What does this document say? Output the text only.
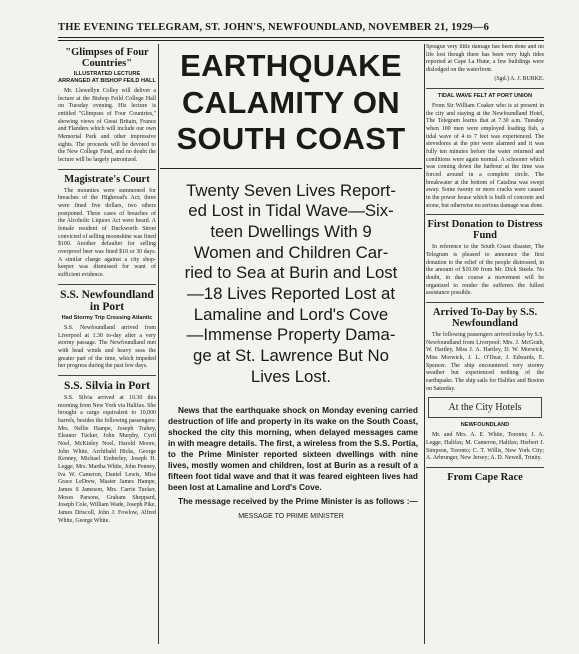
THE EVENING TELEGRAM, ST. JOHN'S, NEWFOUNDLAND, NOVEMBER 21, 1929—6
"Glimpses of Four Countries"
ILLUSTRATED LECTURE ARRANGED AT BISHOP FEILD HALL

Mr. Llewellyn Colley will deliver a lecture at the Bishop Feild College Hall on Tuesday evening. His lecture is entitled "Glimpses of Four Countries," showing views of Great Britain, France and Flanders which will include our own Memorial Park and other impressive sights. The proceeds will be devoted to the New College Fund, and no doubt the lecture will be largely patronized.

Magistrate's Court

The mounties were summoned for breaches of the Highroad's Act; three were fined five dollars, two others postponed. Three cases of breaches of the Alcoholic Liquors Act were heard. A female resident of Duckworth Street convicted of selling moonshine was fined $100. Another defaulter for selling overproof beer was fined $10 or 30 days. A similar charge against a city shop-keeper was dismissed for want of sufficient evidence.

S.S. Newfoundland in Port
Had Stormy Trip Crossing Atlantic

S.S. Newfoundland arrived from Liverpool at 1.30 to-day after a very stormy passage. The Newfoundland met with head winds and heavy seas the greater part of the time, which impeded her progress during the past few days.

S.S. Silvia in Port

S.S. Silvia arrived at 10.30 this morning from New York via Halifax. She brought a cargo equivalent to 10,000 barrels, besides the following passengers: Mrs. Nellie Hampe, Joseph Trahey, Eleanor Tucker, John Murphy, Cyril Noel, McKinley Noel, Harold Moore, John White, Archibald Hicks, George Kenney, Michael Emberley, Joseph H. Legge, Mrs. Martha White, John Penney, Iva W. Cameron, Daniel Lewis, Miss Grace LeDrew, Master James Hampe, James S Jameson, Mrs. Carrie Tucker, Moses Parsons, Graham Sheppard, Joseph Cole, William Wade, Joseph Pike, James Driscoll, John J. Fowlow, Alfred White, George White.

EARTHQUAKE
CALAMITY ON
SOUTH COAST
Twenty Seven Lives Report-
ed Lost in Tidal Wave—Six-
teen Dwellings With 9
Women and Children Car-
ried to Sea at Burin and Lost
—18 Lives Reported Lost at
Lamaline and Lord's Cove
—Immense Property Dama-
ge at St. Lawrence But No
Lives Lost.

News that the earthquake shock on Monday evening carried destruction of life and property in its wake on the South Coast, shocked the city this morning, when delayed messages came in with meagre details. The first, a wireless from the S.S. Portia, to the Prime Minister reported sixteen dwellings with nine lives, mostly women and children, lost at Burin as a result of a fifteen foot tidal wave and that it was feared eighteen lives had been lost at Lamaline and Lord's Cove.

The message received by the Prime Minister is as follows :—

MESSAGE TO PRIME MINISTER

Sprague very little damage has been done and no life lost though there has been very high tides reported at Cape La Hune, a few buildings were dislodged on the waterfront.

(Sgd.) A. J. BURKE.

TIDAL WAVE FELT AT PORT UNION

From Sir William Coaker who is at present in the city and staying at the Newfoundland Hotel, The Telegram learns that at 7.30 a.m. Tuesday when 100 men were employed loading fish, a tidal wave of 4 to 7 feet was experienced. The stevedores at the pier were alarmed and it was fully ten minutes before the water returned and conditions were again normal. A schooner which was coming down the harbour at the time was forced around in a complete circle. The breakwater at the bottom of Catalina was swept away. Some twenty or more cracks were caused in the power house which is built of concrete and stone, but otherwise no serious damage was done.

First Donation to Distress Fund

In reference to the South Coast disaster, The Telegram is pleased to announce the first donation to the relief of the people distressed, in the amount of $10.00 from Mr. Dick Steele. No doubt, in due course a movement will be organized to render the sufferers the fullest assistance possible.

Arrived To-Day by S.S. Newfoundland

The following passengers arrived today by S.S. Newfoundland from Liverpool: Mrs. J. McGrath, W. Hartley, Miss J. A. Hartley, D. W. Morwick, Miss Morwick, J. L. O'Dear, J. Edwards, E. Spencer. The ship encountered very stormy weather but experienced nothing of the earthquake. The ship sails for Halifax and Boston on Saturday.

At the City Hotels
NEWFOUNDLAND

Mr. and Mrs. A. E. White, Toronto; J. A. Legge, Halifax; M. Cameron, Halifax; Herbert J. Simpson, Toronto; C. T. Willis, New York City; A. Arbrunger, New Jersey; A. D. Newell, Trinity.

From Cape Race
